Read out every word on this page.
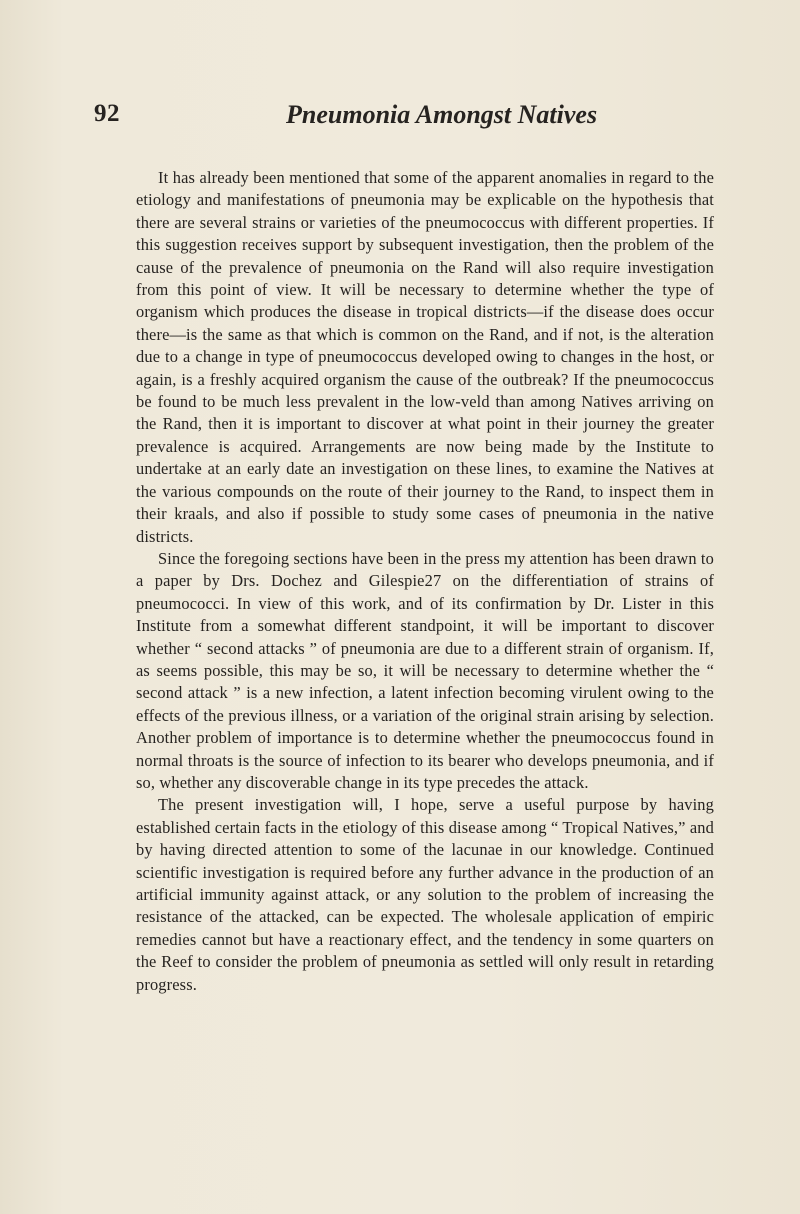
92	Pneumonia Amongst Natives

It has already been mentioned that some of the apparent anomalies in regard to the etiology and manifestations of pneumonia may be explicable on the hypothesis that there are several strains or varieties of the pneumococcus with different properties. If this suggestion receives support by subsequent investigation, then the problem of the cause of the prevalence of pneumonia on the Rand will also require investigation from this point of view. It will be necessary to determine whether the type of organism which produces the disease in tropical districts—if the disease does occur there—is the same as that which is common on the Rand, and if not, is the alteration due to a change in type of pneumococcus developed owing to changes in the host, or again, is a freshly acquired organism the cause of the outbreak? If the pneumococcus be found to be much less prevalent in the low-veld than among Natives arriving on the Rand, then it is important to discover at what point in their journey the greater prevalence is acquired. Arrangements are now being made by the Institute to undertake at an early date an investigation on these lines, to examine the Natives at the various compounds on the route of their journey to the Rand, to inspect them in their kraals, and also if possible to study some cases of pneumonia in the native districts.

Since the foregoing sections have been in the press my attention has been drawn to a paper by Drs. Dochez and Gilespie27 on the differentiation of strains of pneumococci. In view of this work, and of its confirmation by Dr. Lister in this Institute from a somewhat different standpoint, it will be important to discover whether “ second attacks ” of pneumonia are due to a different strain of organism. If, as seems possible, this may be so, it will be necessary to determine whether the “ second attack ” is a new infection, a latent infection becoming virulent owing to the effects of the previous illness, or a variation of the original strain arising by selection. Another problem of importance is to determine whether the pneumococcus found in normal throats is the source of infection to its bearer who develops pneumonia, and if so, whether any discoverable change in its type precedes the attack.

The present investigation will, I hope, serve a useful purpose by having established certain facts in the etiology of this disease among “ Tropical Natives,” and by having directed attention to some of the lacunae in our knowledge. Continued scientific investigation is required before any further advance in the production of an artificial immunity against attack, or any solution to the problem of increasing the resistance of the attacked, can be expected. The wholesale application of empiric remedies cannot but have a reactionary effect, and the tendency in some quarters on the Reef to consider the problem of pneumonia as settled will only result in retarding progress.
